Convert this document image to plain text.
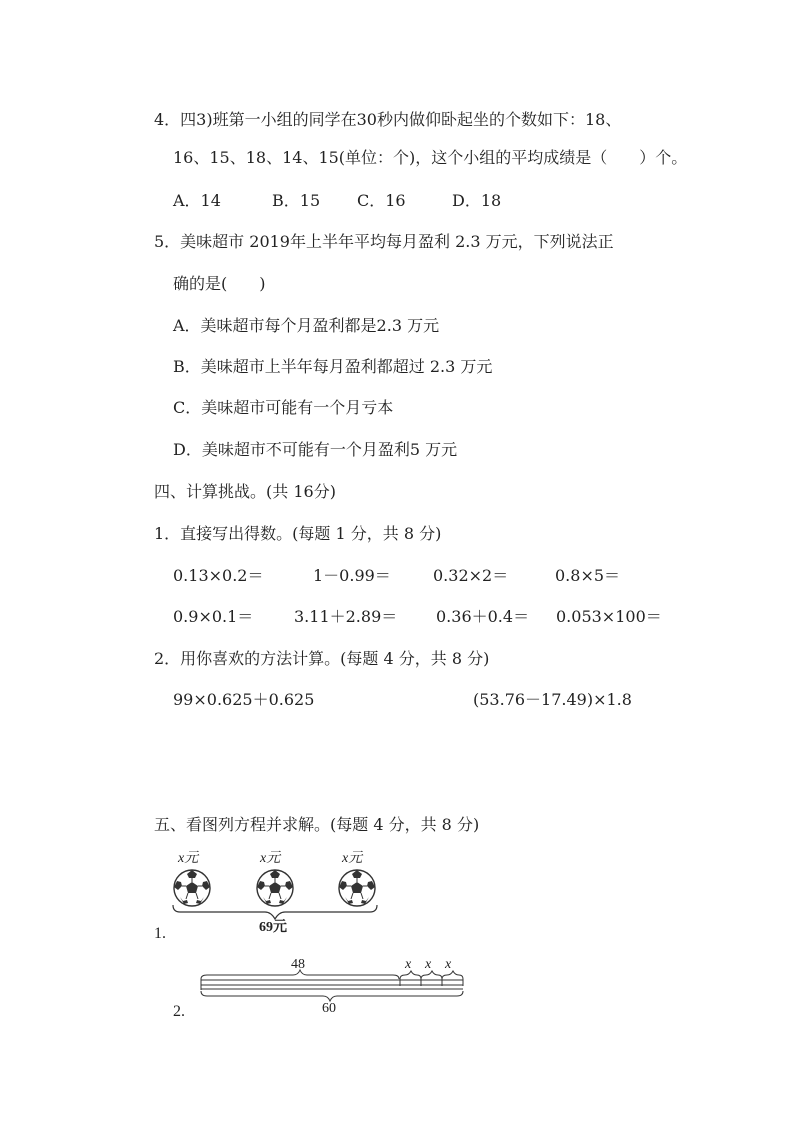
4．四3)班第一小组的同学在30秒内做仰卧起坐的个数如下：18、
16、15、18、14、15(单位：个)，这个小组的平均成绩是（　　）个。
A．14	B．15 C．16	D．18
5．美味超市 2019年上半年平均每月盈利 2.3 万元，下列说法正
确的是(　　)
A．美味超市每个月盈利都是2.3 万元
B．美味超市上半年每月盈利都超过 2.3 万元
C．美味超市可能有一个月亏本
D．美味超市不可能有一个月盈利5 万元
四、计算挑战。(共 16分)
1．直接写出得数。(每题 1 分，共 8 分)
0.13×0.2＝	1－0.99＝	0.32×2＝	0.8×5＝
0.9×0.1＝	3.11＋2.89＝ 0.36＋0.4＝ 0.053×100＝
2．用你喜欢的方法计算。(每题 4 分，共 8 分)
99×0.625＋0.625	(53.76－17.49)×1.8
五、看图列方程并求解。(每题 4 分，共 8 分)
x元	x元	x元
69元
1.
48	x x x
60
2.
